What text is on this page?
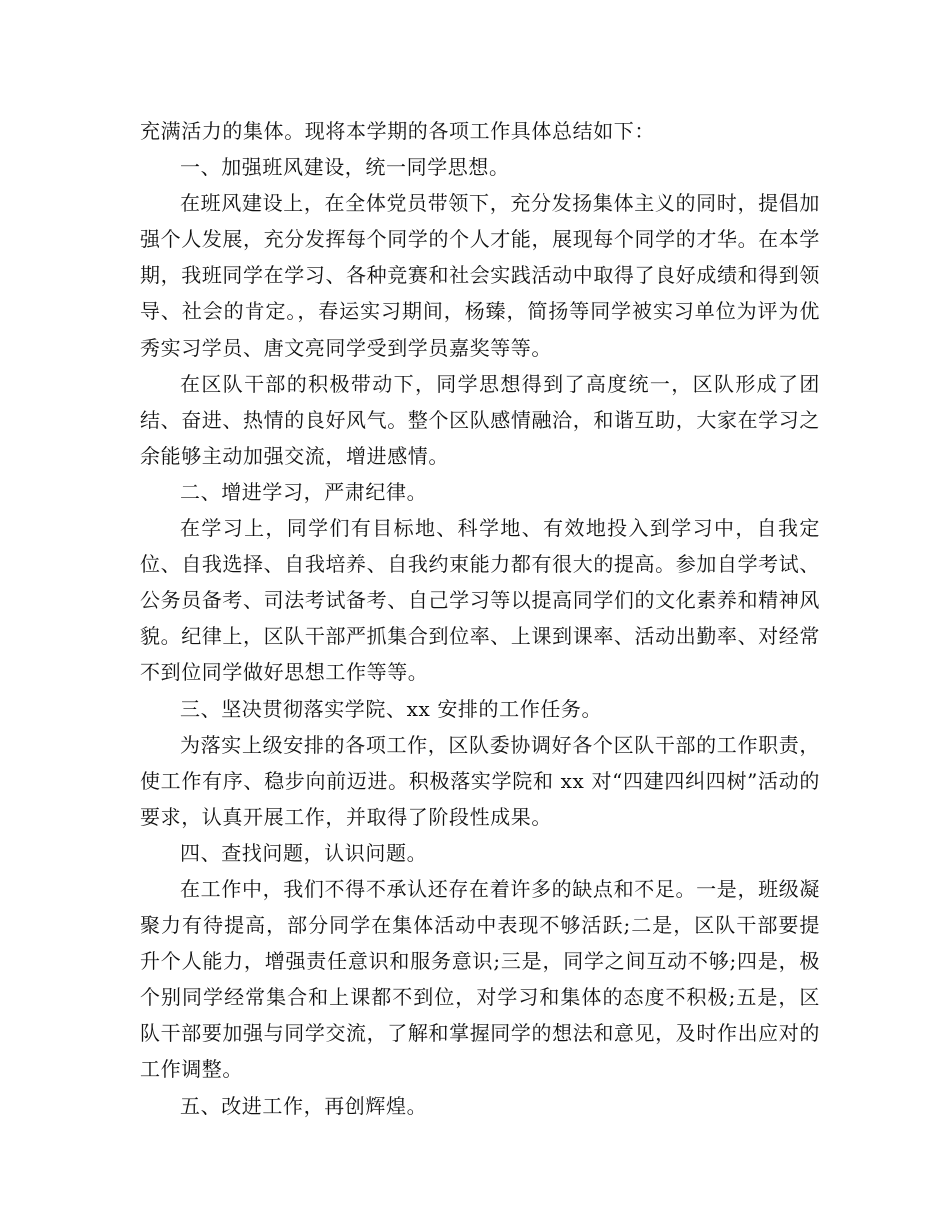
充满活力的集体。现将本学期的各项工作具体总结如下：

一、加强班风建设，统一同学思想。

在班风建设上，在全体党员带领下，充分发扬集体主义的同时，提倡加强个人发展，充分发挥每个同学的个人才能，展现每个同学的才华。在本学期，我班同学在学习、各种竞赛和社会实践活动中取得了良好成绩和得到领导、社会的肯定。，春运实习期间，杨臻，简扬等同学被实习单位为评为优秀实习学员、唐文亮同学受到学员嘉奖等等。

在区队干部的积极带动下，同学思想得到了高度统一，区队形成了团结、奋进、热情的良好风气。整个区队感情融洽，和谐互助，大家在学习之余能够主动加强交流，增进感情。

二、增进学习，严肃纪律。

在学习上，同学们有目标地、科学地、有效地投入到学习中，自我定位、自我选择、自我培养、自我约束能力都有很大的提高。参加自学考试、公务员备考、司法考试备考、自己学习等以提高同学们的文化素养和精神风貌。纪律上，区队干部严抓集合到位率、上课到课率、活动出勤率、对经常不到位同学做好思想工作等等。

三、坚决贯彻落实学院、xx 安排的工作任务。

为落实上级安排的各项工作，区队委协调好各个区队干部的工作职责，使工作有序、稳步向前迈进。积极落实学院和 xx 对“四建四纠四树”活动的要求，认真开展工作，并取得了阶段性成果。

四、查找问题，认识问题。

在工作中，我们不得不承认还存在着许多的缺点和不足。一是，班级凝聚力有待提高，部分同学在集体活动中表现不够活跃;二是，区队干部要提升个人能力，增强责任意识和服务意识;三是，同学之间互动不够;四是，极个别同学经常集合和上课都不到位，对学习和集体的态度不积极;五是，区队干部要加强与同学交流，了解和掌握同学的想法和意见，及时作出应对的工作调整。

五、改进工作，再创辉煌。
